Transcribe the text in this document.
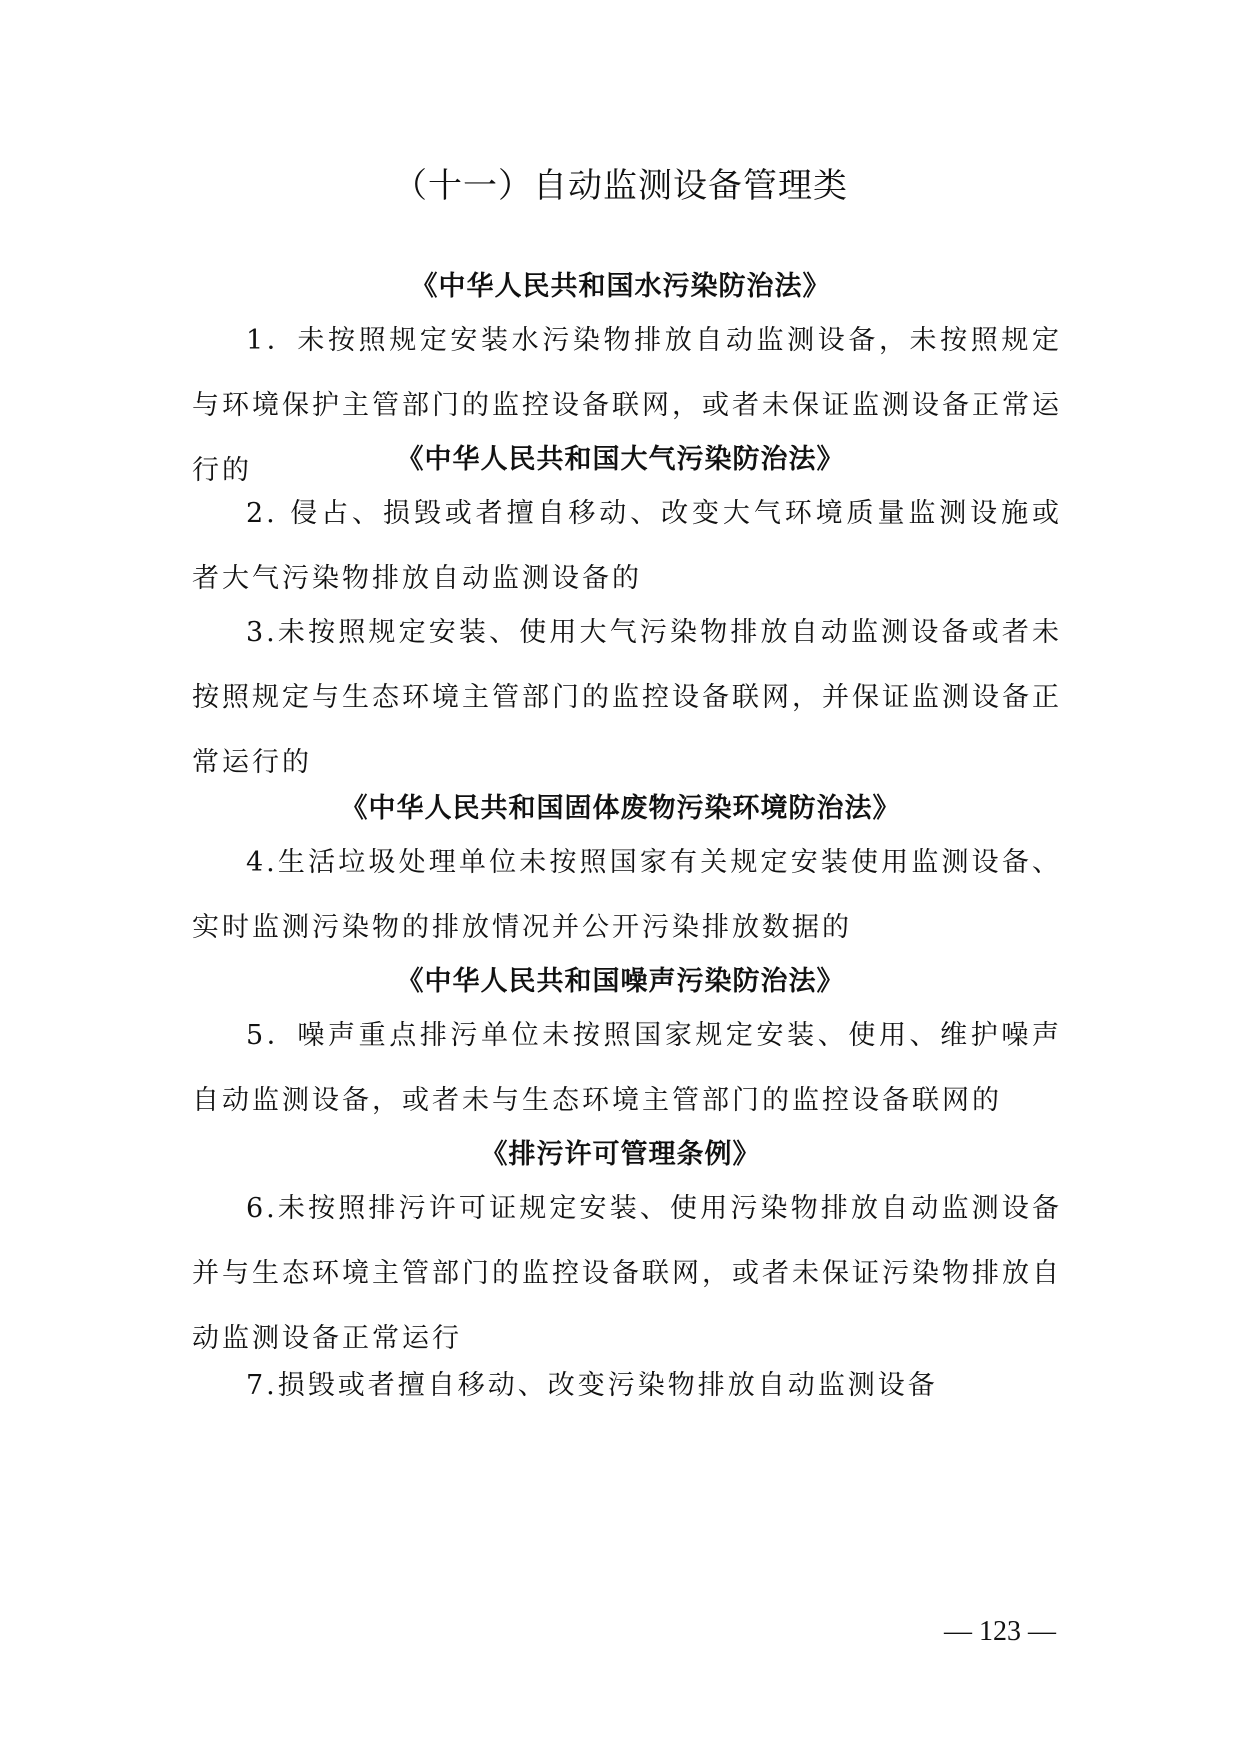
（十一）自动监测设备管理类
《中华人民共和国水污染防治法》

1．未按照规定安装水污染物排放自动监测设备，未按照规定与环境保护主管部门的监控设备联网，或者未保证监测设备正常运行的	《中华人民共和国大气污染防治法》

2. 侵占、损毁或者擅自移动、改变大气环境质量监测设施或者大气污染物排放自动监测设备的

3.未按照规定安装、使用大气污染物排放自动监测设备或者未按照规定与生态环境主管部门的监控设备联网，并保证监测设备正常运行的

《中华人民共和国固体废物污染环境防治法》

4.生活垃圾处理单位未按照国家有关规定安装使用监测设备、实时监测污染物的排放情况并公开污染排放数据的

《中华人民共和国噪声污染防治法》

5．噪声重点排污单位未按照国家规定安装、使用、维护噪声自动监测设备，或者未与生态环境主管部门的监控设备联网的

《排污许可管理条例》

6.未按照排污许可证规定安装、使用污染物排放自动监测设备并与生态环境主管部门的监控设备联网，或者未保证污染物排放自动监测设备正常运行

7.损毁或者擅自移动、改变污染物排放自动监测设备

— 123 —
